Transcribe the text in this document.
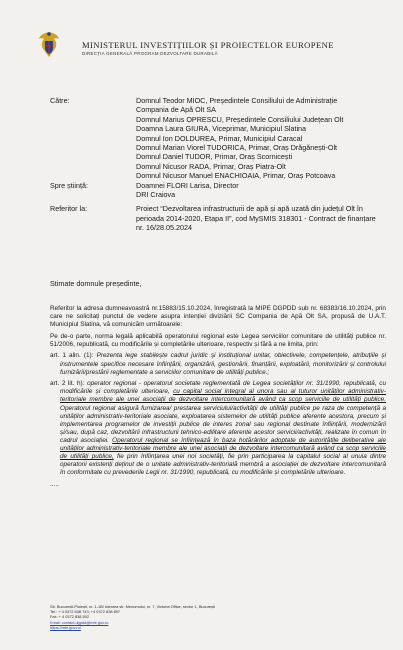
MINISTERUL INVESTIȚIILOR ȘI PROIECTELOR EUROPENE
DIRECȚIA GENERALĂ PROGRAM DEZVOLTARE DURABILĂ
Către:	Domnul Teodor MIOC, Președintele Consiliului de Administrație
Compania de Apă Olt SA
Domnul Marius OPRESCU, Președintele Consiliului Județean Olt
Doamna Laura GIURA, Viceprimar, Municipiul Slatina
Domnul Ion DOLDUREA, Primar, Municipiul Caracal
Domnul Marian Viorel TUDORICA, Primar, Oraș Drăgănești-Olt
Domnul Daniel TUDOR, Primar, Oraș Scornicești
Domnul Nicusor RADA, Primar, Oraș Piatra-Olt
Domnul Nicusor Manuel ENACHIOAIA, Primar, Oraș Potcoava
Spre știință:	Doamnei FLORI Larisa, Director
DRI Craiova
Referitor la:	Proiect “Dezvoltarea infrastructurii de apă și apă uzată din județul Olt în perioada 2014-2020, Etapa II”, cod MySMIS 318301 - Contract de finanțare nr. 16/28.05.2024
Stimate domnule președinte,

Referitor la adresa dumneavoastră nr.15883/15.10.2024, înregistrată la MIPE DGPDD sub nr. 68383/16.10.2024, prin care ne solicitați punctul de vedere asupra intenției diviziării SC Compania de Apă Olt SA, propusă de U.A.T. Municipiul Slatina, vă comunicăm următoarele:

Pe de-o parte, norma legală aplicabilă operatorului regional este Legea serviciilor comunitare de utilități publice nr. 51/2006, republicată, cu modificările și completările ulterioare, respectiv și fără a ne limita, prin:

art. 1 alin. (1): Prezenta lege stabilește cadrul juridic și instituțional unitar, obiectivele, competențele, atribuțiile și instrumentele specifice necesare înființării, organizării, gestionării, finanțării, exploatării, monitorizării și controlului furnizării/prestării reglementate a serviciilor comunitare de utilități publice.;

art. 2 lit. h): operator regional - operatorul societate reglementată de Legea societăților nr. 31/1990, republicată, cu modificările și completările ulterioare, cu capital social integral al unora sau al tuturor unităților administrativ-teritoriale membre ale unei asociații de dezvoltare intercomunitară având ca scop serviciile de utilități publice. Operatorul regional asigură furnizarea/ prestarea serviciului/activității de utilități publice pe raza de competență a unităților administrativ-teritoriale asociate, exploatarea sistemelor de utilități publice aferente acestora, precum și implementarea programelor de investiții publice de interes zonal sau regional destinate înființării, modernizării și/sau, după caz, dezvoltării infrastructurii tehnico-edilitare aferente acestor servicii/activități, realizate în comun în cadrul asociației. Operatorul regional se înființează în baza hotărârilor adoptate de autoritățile deliberative ale unităților administrativ-teritoriale membre ale unei asociații de dezvoltare intercomunitară având ca scop serviciile de utilități publice, fie prin înființarea unei noi societăți, fie prin participarea la capitalul social al unuia dintre operatorii existenți deținut de o unitate administrativ-teritorială membră a asociației de dezvoltare intercomunitară în conformitate cu prevederile Legii nr. 31/1990, republicată, cu modificările și completările ulterioare.

.....
Str. București-Ploiești, nr. 1-1B/ Intrarea str. Menumului, nr. 7, Victoria Office, sector 1, București
Tel.: + 4 0372 838 743; +4 0372 838 897
Fax: + 4 0372 838 502
Email: contact.dgpdd@mfe.gov.ro
https://mfe.gov.ro/
